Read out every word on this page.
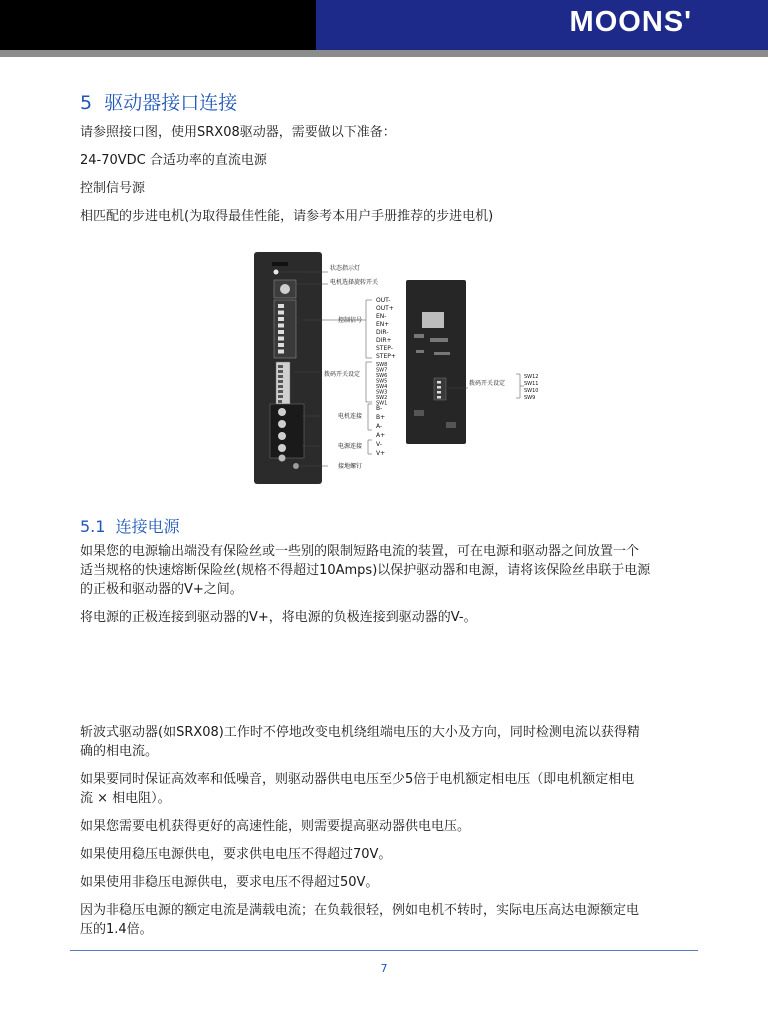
MOONS'
5 驱动器接口连接
请参照接口图，使用SRX08驱动器，需要做以下准备：
24-70VDC 合适功率的直流电源
控制信号源
相匹配的步进电机(为取得最佳性能，请参考本用户手册推荐的步进电机)
状态指示灯
电机选择旋转开关
控制信号
拨码开关设定
电机连接
电源连接
接地螺钉
OUT-
OUT+
EN-
EN+
DIR-
DIR+
STEP-
STEP+
SW8
SW7
SW6
SW5
SW4
SW3
SW2
SW1
B-
B+
A-
A+
V-
V+
拨码开关设定
SW12
SW11
SW10
SW9
5.1 连接电源
如果您的电源输出端没有保险丝或一些别的限制短路电流的装置，可在电源和驱动器之间放置一个
适当规格的快速熔断保险丝(规格不得超过10Amps)以保护驱动器和电源，请将该保险丝串联于电源
的正极和驱动器的V+之间。
将电源的正极连接到驱动器的V+，将电源的负极连接到驱动器的V-。
斩波式驱动器(如SRX08)工作时不停地改变电机绕组端电压的大小及方向，同时检测电流以获得精
确的相电流。
如果要同时保证高效率和低噪音，则驱动器供电电压至少5倍于电机额定相电压（即电机额定相电
流 × 相电阻）。
如果您需要电机获得更好的高速性能，则需要提高驱动器供电电压。
如果使用稳压电源供电，要求供电电压不得超过70V。
如果使用非稳压电源供电，要求电压不得超过50V。
因为非稳压电源的额定电流是满载电流；在负载很轻，例如电机不转时，实际电压高达电源额定电
压的1.4倍。
7
